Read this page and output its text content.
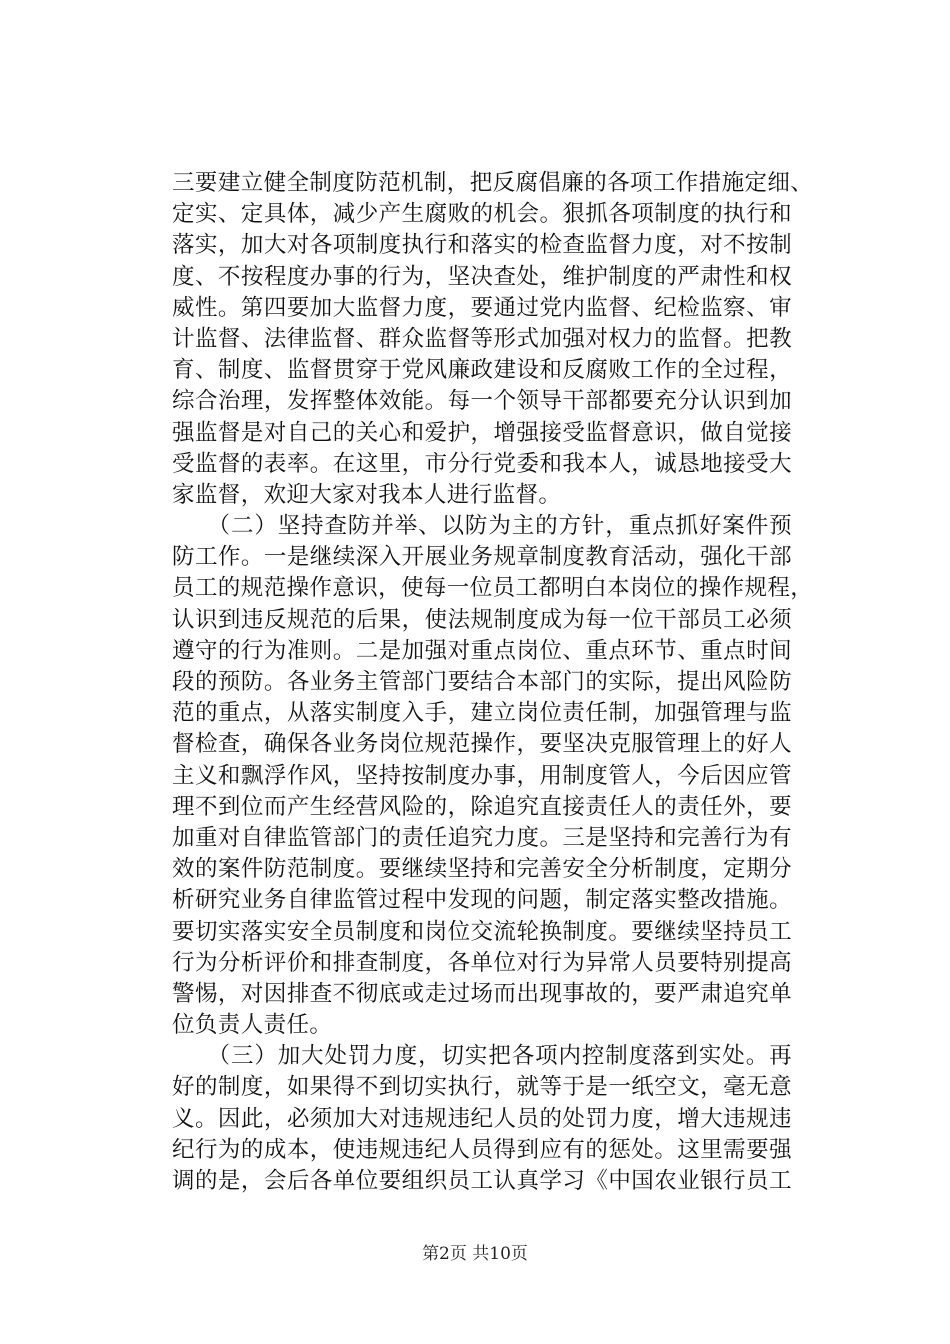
三要建立健全制度防范机制，把反腐倡廉的各项工作措施定细、
定实、定具体，减少产生腐败的机会。狠抓各项制度的执行和
落实，加大对各项制度执行和落实的检查监督力度，对不按制
度、不按程度办事的行为，坚决查处，维护制度的严肃性和权
威性。第四要加大监督力度，要通过党内监督、纪检监察、审
计监督、法律监督、群众监督等形式加强对权力的监督。把教
育、制度、监督贯穿于党风廉政建设和反腐败工作的全过程，
综合治理，发挥整体效能。每一个领导干部都要充分认识到加
强监督是对自己的关心和爱护，增强接受监督意识，做自觉接
受监督的表率。在这里，市分行党委和我本人，诚恳地接受大
家监督，欢迎大家对我本人进行监督。
　　（二）坚持查防并举、以防为主的方针，重点抓好案件预
防工作。一是继续深入开展业务规章制度教育活动，强化干部
员工的规范操作意识，使每一位员工都明白本岗位的操作规程，
认识到违反规范的后果，使法规制度成为每一位干部员工必须
遵守的行为准则。二是加强对重点岗位、重点环节、重点时间
段的预防。各业务主管部门要结合本部门的实际，提出风险防
范的重点，从落实制度入手，建立岗位责任制，加强管理与监
督检查，确保各业务岗位规范操作，要坚决克服管理上的好人
主义和飘浮作风，坚持按制度办事，用制度管人，今后因应管
理不到位而产生经营风险的，除追究直接责任人的责任外，要
加重对自律监管部门的责任追究力度。三是坚持和完善行为有
效的案件防范制度。要继续坚持和完善安全分析制度，定期分
析研究业务自律监管过程中发现的问题，制定落实整改措施。
要切实落实安全员制度和岗位交流轮换制度。要继续坚持员工
行为分析评价和排查制度，各单位对行为异常人员要特别提高
警惕，对因排查不彻底或走过场而出现事故的，要严肃追究单
位负责人责任。
　　（三）加大处罚力度，切实把各项内控制度落到实处。再
好的制度，如果得不到切实执行，就等于是一纸空文，毫无意
义。因此，必须加大对违规违纪人员的处罚力度，增大违规违
纪行为的成本，使违规违纪人员得到应有的惩处。这里需要强
调的是，会后各单位要组织员工认真学习《中国农业银行员工
第2页 共10页
